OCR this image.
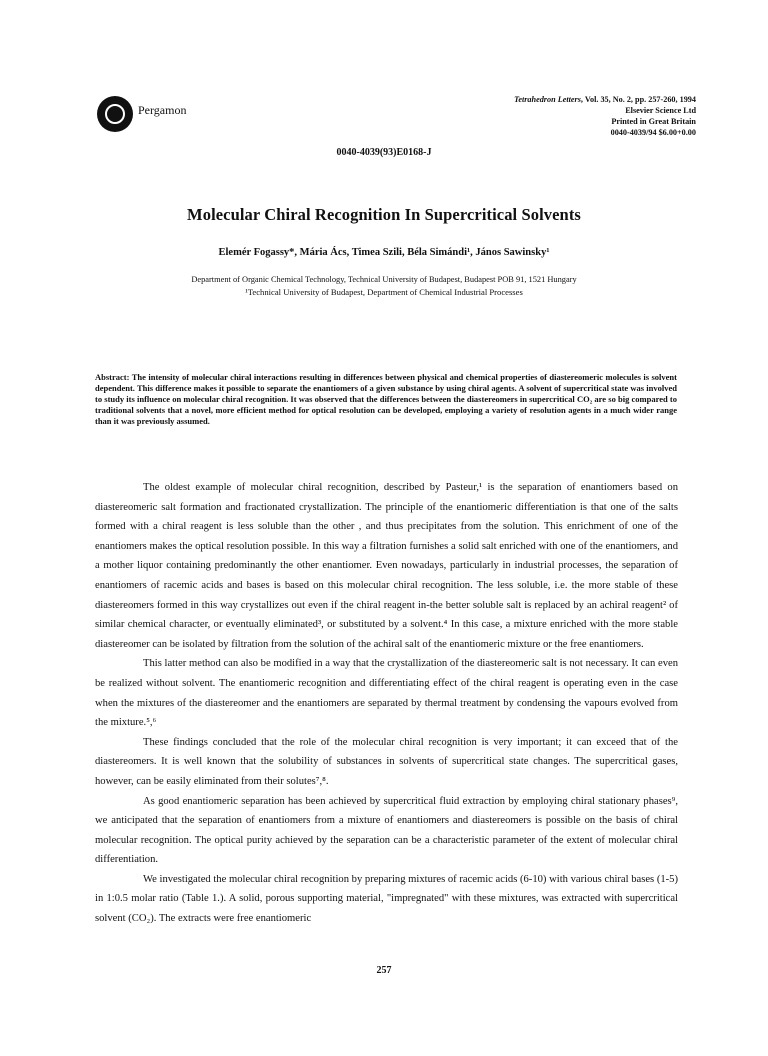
Pergamon
Tetrahedron Letters, Vol. 35, No. 2, pp. 257-260, 1994
Elsevier Science Ltd
Printed in Great Britain
0040-4039/94 $6.00+0.00
0040-4039(93)E0168-J
Molecular Chiral Recognition In Supercritical Solvents
Elemér Fogassy*, Mária Ács, Timea Szili, Béla Simándi¹, János Sawinsky¹
Department of Organic Chemical Technology, Technical University of Budapest, Budapest POB 91, 1521 Hungary
¹Technical University of Budapest, Department of Chemical Industrial Processes
Abstract: The intensity of molecular chiral interactions resulting in differences between physical and chemical properties of diastereomeric molecules is solvent dependent. This difference makes it possible to separate the enantiomers of a given substance by using chiral agents. A solvent of supercritical state was involved to study its influence on molecular chiral recognition. It was observed that the differences between the diastereomers in supercritical CO₂ are so big compared to traditional solvents that a novel, more efficient method for optical resolution can be developed, employing a variety of resolution agents in a much wider range than it was previously assumed.

The oldest example of molecular chiral recognition, described by Pasteur,¹ is the separation of enantiomers based on diastereomeric salt formation and fractionated crystallization. The principle of the enantiomeric differentiation is that one of the salts formed with a chiral reagent is less soluble than the other , and thus precipitates from the solution. This enrichment of one of the enantiomers makes the optical resolution possible. In this way a filtration furnishes a solid salt enriched with one of the enantiomers, and a mother liquor containing predominantly the other enantiomer. Even nowadays, particularly in industrial processes, the separation of enantiomers of racemic acids and bases is based on this molecular chiral recognition. The less soluble, i.e. the more stable of these diastereomers formed in this way crystallizes out even if the chiral reagent in-the better soluble salt is replaced by an achiral reagent² of similar chemical character, or eventually eliminated³, or substituted by a solvent.⁴ In this case, a mixture enriched with the more stable diastereomer can be isolated by filtration from the solution of the achiral salt of the enantiomeric mixture or the free enantiomers.

This latter method can also be modified in a way that the crystallization of the diastereomeric salt is not necessary. It can even be realized without solvent. The enantiomeric recognition and differentiating effect of the chiral reagent is operating even in the case when the mixtures of the diastereomer and the enantiomers are separated by thermal treatment by condensing the vapours evolved from the mixture.⁵,⁶

These findings concluded that the role of the molecular chiral recognition is very important; it can exceed that of the diastereomers. It is well known that the solubility of substances in solvents of supercritical state changes. The supercritical gases, however, can be easily eliminated from their solutes⁷,⁸.

As good enantiomeric separation has been achieved by supercritical fluid extraction by employing chiral stationary phases⁹, we anticipated that the separation of enantiomers from a mixture of enantiomers and diastereomers is possible on the basis of chiral molecular recognition. The optical purity achieved by the separation can be a characteristic parameter of the extent of molecular chiral differentiation.

We investigated the molecular chiral recognition by preparing mixtures of racemic acids (6-10) with various chiral bases (1-5) in 1:0.5 molar ratio (Table 1.). A solid, porous supporting material, "impregnated" with these mixtures, was extracted with supercritical solvent (CO₂). The extracts were free enantiomeric

257
